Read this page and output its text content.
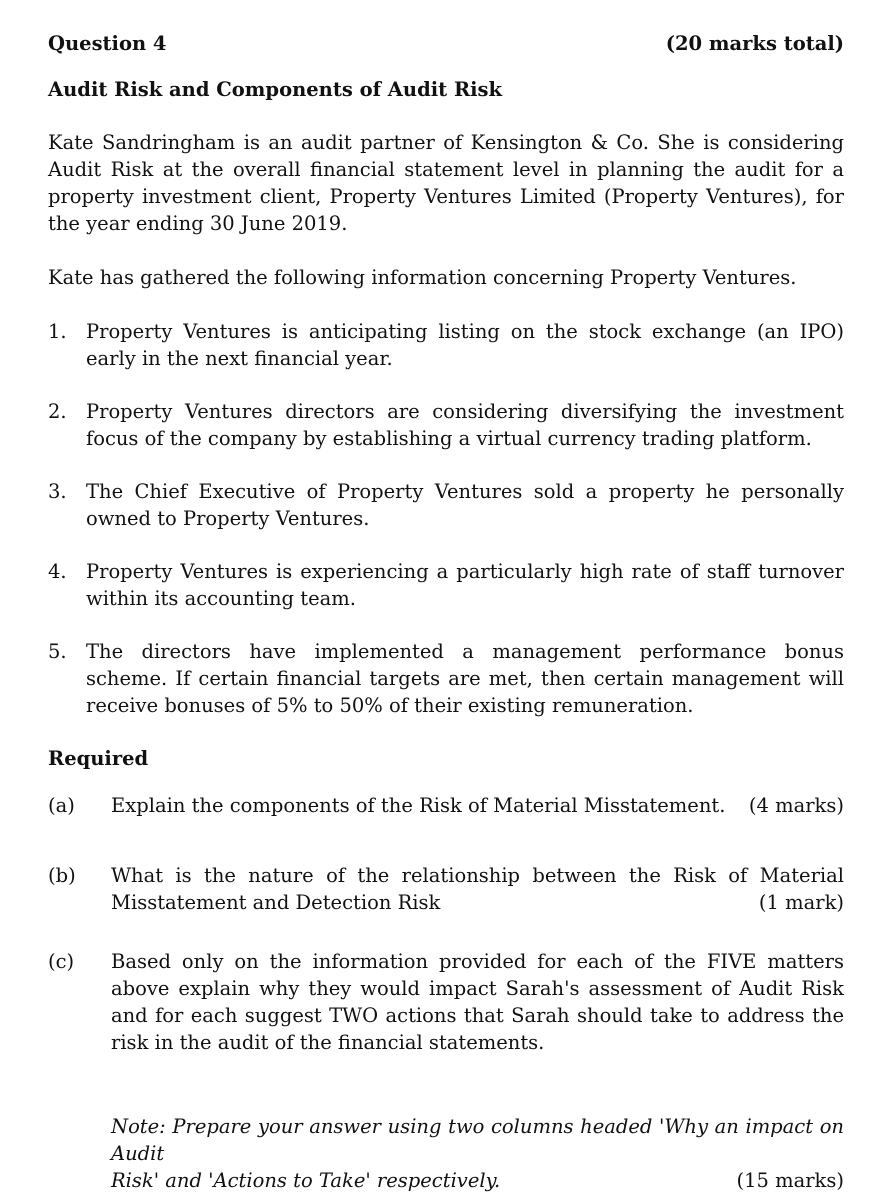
Question 4	(20 marks total)
Audit Risk and Components of Audit Risk
Kate Sandringham is an audit partner of Kensington & Co. She is considering Audit Risk at the overall financial statement level in planning the audit for a property investment client, Property Ventures Limited (Property Ventures), for the year ending 30 June 2019.
Kate has gathered the following information concerning Property Ventures.
1. Property Ventures is anticipating listing on the stock exchange (an IPO) early in the next financial year.
2. Property Ventures directors are considering diversifying the investment focus of the company by establishing a virtual currency trading platform.
3. The Chief Executive of Property Ventures sold a property he personally owned to Property Ventures.
4. Property Ventures is experiencing a particularly high rate of staff turnover within its accounting team.
5. The directors have implemented a management performance bonus scheme. If certain financial targets are met, then certain management will receive bonuses of 5% to 50% of their existing remuneration.
Required
(a)	Explain the components of the Risk of Material Misstatement. (4 marks)
(b)	What is the nature of the relationship between the Risk of Material
Misstatement and Detection Risk	(1 mark)
(c)	Based only on the information provided for each of the FIVE matters above explain why they would impact Sarah's assessment of Audit Risk and for each suggest TWO actions that Sarah should take to address the risk in the audit of the financial statements.
Note: Prepare your answer using two columns headed 'Why an impact on Audit
Risk' and 'Actions to Take' respectively.	(15 marks)
